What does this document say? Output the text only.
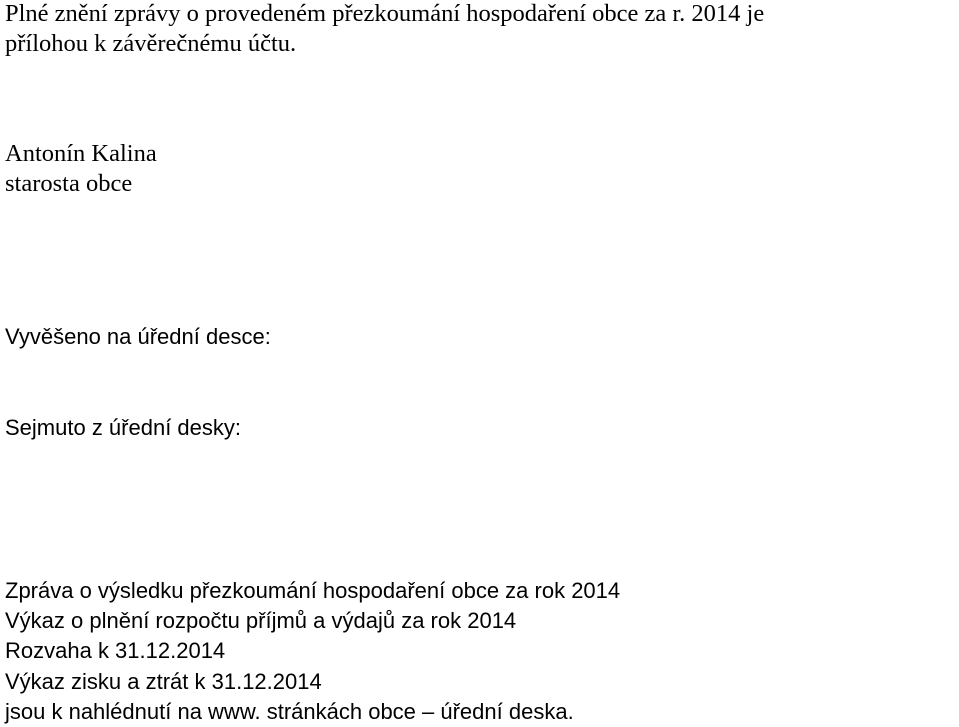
Plné znění zprávy o provedeném přezkoumání hospodaření obce za r. 2014 je
přílohou k závěrečnému účtu.
Antonín Kalina
starosta obce
Vyvěšeno na úřední desce:
Sejmuto z úřední desky:
Zpráva o výsledku přezkoumání hospodaření obce za rok 2014
Výkaz o plnění rozpočtu příjmů a výdajů za rok 2014
Rozvaha k 31.12.2014
Výkaz zisku a ztrát k 31.12.2014
jsou k nahlédnutí na www. stránkách obce – úřední deska.
